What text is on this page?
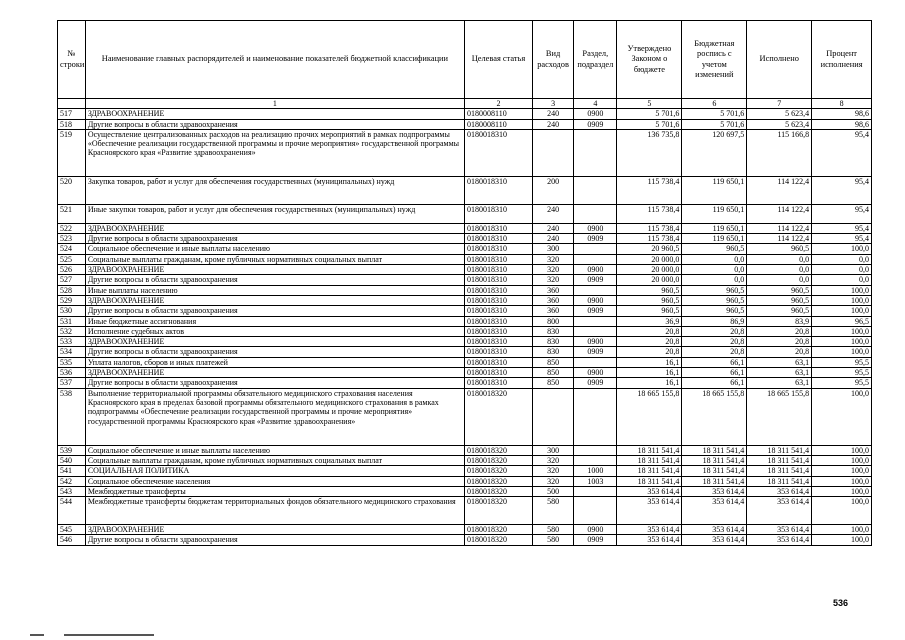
№ строки	Наименование главных распорядителей и наименование показателей бюджетной классификации	Целевая статья	Вид расходов	Раздел, подраздел	Утверждено Законом о бюджете	Бюджетная роспись с учетом изменений	Исполнено	Процент исполнения
	1	2	3	4	5	6	7	8
517	ЗДРАВООХРАНЕНИЕ	0180008110	240	0900	5 701,6	5 701,6	5 623,4	98,6
518	Другие вопросы в области здравоохранения	0180008110	240	0909	5 701,6	5 701,6	5 623,4	98,6
519	Осуществление централизованных расходов на реализацию прочих мероприятий в рамках подпрограммы «Обеспечение реализации государственной программы и прочие мероприятия» государственной программы Красноярского края «Развитие здравоохранения»	0180018310			136 735,8	120 697,5	115 166,8	95,4
520	Закупка товаров, работ и услуг для обеспечения государственных (муниципальных) нужд	0180018310	200		115 738,4	119 650,1	114 122,4	95,4
521	Иные закупки товаров, работ и услуг для обеспечения государственных (муниципальных) нужд	0180018310	240		115 738,4	119 650,1	114 122,4	95,4
522	ЗДРАВООХРАНЕНИЕ	0180018310	240	0900	115 738,4	119 650,1	114 122,4	95,4
523	Другие вопросы в области здравоохранения	0180018310	240	0909	115 738,4	119 650,1	114 122,4	95,4
524	Социальное обеспечение и иные выплаты населению	0180018310	300		20 960,5	960,5	960,5	100,0
525	Социальные выплаты гражданам, кроме публичных нормативных социальных выплат	0180018310	320		20 000,0	0,0	0,0	0,0
526	ЗДРАВООХРАНЕНИЕ	0180018310	320	0900	20 000,0	0,0	0,0	0,0
527	Другие вопросы в области здравоохранения	0180018310	320	0909	20 000,0	0,0	0,0	0,0
528	Иные выплаты населению	0180018310	360		960,5	960,5	960,5	100,0
529	ЗДРАВООХРАНЕНИЕ	0180018310	360	0900	960,5	960,5	960,5	100,0
530	Другие вопросы в области здравоохранения	0180018310	360	0909	960,5	960,5	960,5	100,0
531	Иные бюджетные ассигнования	0180018310	800		36,9	86,9	83,9	96,5
532	Исполнение судебных актов	0180018310	830		20,8	20,8	20,8	100,0
533	ЗДРАВООХРАНЕНИЕ	0180018310	830	0900	20,8	20,8	20,8	100,0
534	Другие вопросы в области здравоохранения	0180018310	830	0909	20,8	20,8	20,8	100,0
535	Уплата налогов, сборов и иных платежей	0180018310	850		16,1	66,1	63,1	95,5
536	ЗДРАВООХРАНЕНИЕ	0180018310	850	0900	16,1	66,1	63,1	95,5
537	Другие вопросы в области здравоохранения	0180018310	850	0909	16,1	66,1	63,1	95,5
538	Выполнение территориальной программы обязательного медицинского страхования населения Красноярского края в пределах базовой программы обязательного медицинского страхования в рамках подпрограммы «Обеспечение реализации государственной программы и прочие мероприятия» государственной программы Красноярского края «Развитие здравоохранения»	0180018320			18 665 155,8	18 665 155,8	18 665 155,8	100,0
539	Социальное обеспечение и иные выплаты населению	0180018320	300		18 311 541,4	18 311 541,4	18 311 541,4	100,0
540	Социальные выплаты гражданам, кроме публичных нормативных социальных выплат	0180018320	320		18 311 541,4	18 311 541,4	18 311 541,4	100,0
541	СОЦИАЛЬНАЯ ПОЛИТИКА	0180018320	320	1000	18 311 541,4	18 311 541,4	18 311 541,4	100,0
542	Социальное обеспечение населения	0180018320	320	1003	18 311 541,4	18 311 541,4	18 311 541,4	100,0
543	Межбюджетные трансферты	0180018320	500		353 614,4	353 614,4	353 614,4	100,0
544	Межбюджетные трансферты бюджетам территориальных фондов обязательного медицинского страхования	0180018320	580		353 614,4	353 614,4	353 614,4	100,0
545	ЗДРАВООХРАНЕНИЕ	0180018320	580	0900	353 614,4	353 614,4	353 614,4	100,0
546	Другие вопросы в области здравоохранения	0180018320	580	0909	353 614,4	353 614,4	353 614,4	100,0
536
